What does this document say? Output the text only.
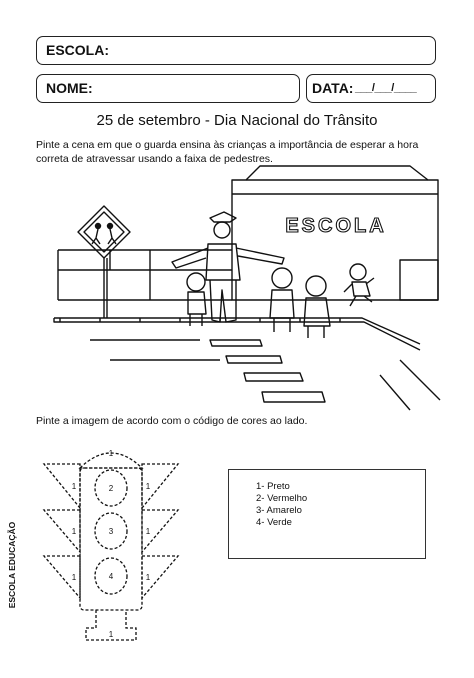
ESCOLA:
NOME:	DATA: ___/___/____
25 de setembro - Dia Nacional do Trânsito
Pinte a cena em que o guarda ensina às crianças a importância de esperar a hora correta de atravessar usando a faixa de pedestres.
ESCOLA
Pinte a imagem de acordo com o código de cores ao lado.
1
1
1
1
1
1
1
2
3
4
1
1- Preto
2- Vermelho
3- Amarelo
4- Verde
ESCOLA EDUCAÇÃO
